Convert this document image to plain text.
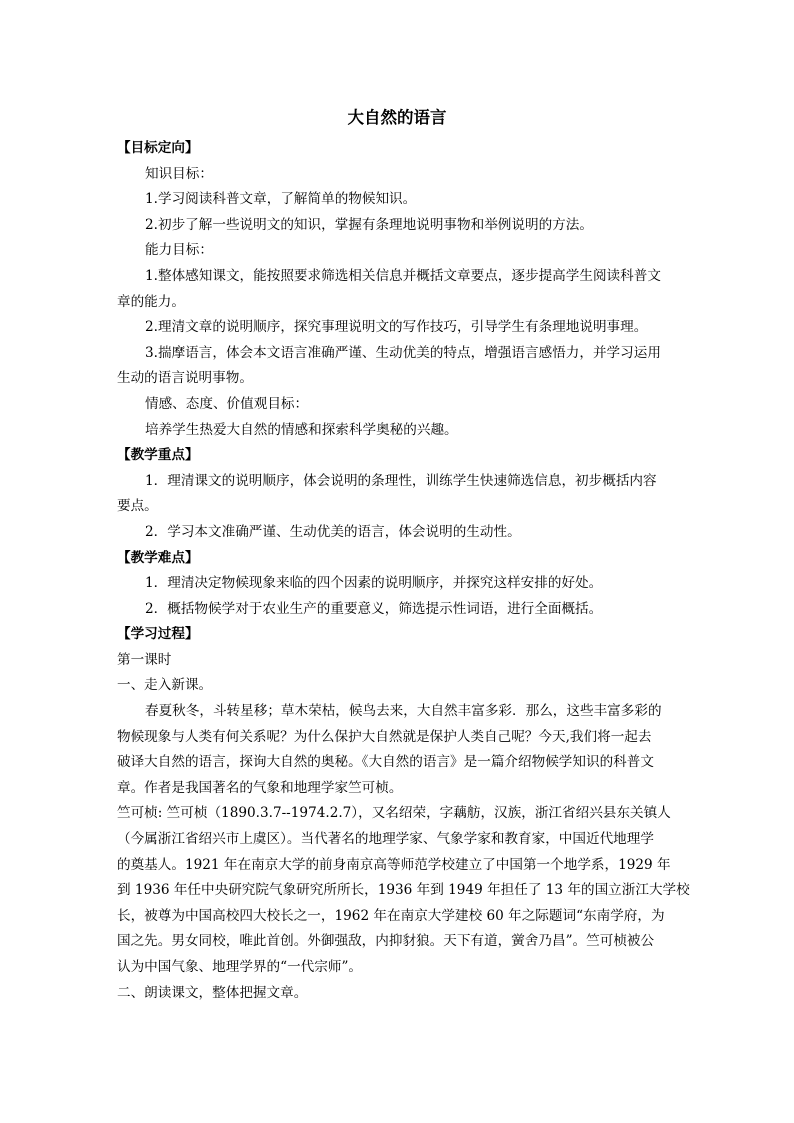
大自然的语言
【目标定向】
知识目标：
1.学习阅读科普文章，了解简单的物候知识。
2.初步了解一些说明文的知识，掌握有条理地说明事物和举例说明的方法。
能力目标：
1.整体感知课文，能按照要求筛选相关信息并概括文章要点，逐步提高学生阅读科普文
章的能力。
2.理清文章的说明顺序，探究事理说明文的写作技巧，引导学生有条理地说明事理。
3.揣摩语言，体会本文语言准确严谨、生动优美的特点，增强语言感悟力，并学习运用
生动的语言说明事物。
情感、态度、价值观目标：
培养学生热爱大自然的情感和探索科学奥秘的兴趣。
【教学重点】
1．理清课文的说明顺序，体会说明的条理性，训练学生快速筛选信息，初步概括内容
要点。
2．学习本文准确严谨、生动优美的语言，体会说明的生动性。
【教学难点】
1．理清决定物候现象来临的四个因素的说明顺序，并探究这样安排的好处。
2．概括物候学对于农业生产的重要意义，筛选提示性词语，进行全面概括。
【学习过程】
第一课时
一、走入新课。
春夏秋冬，斗转星移；草木荣枯，候鸟去来，大自然丰富多彩．那么，这些丰富多彩的
物候现象与人类有何关系呢？为什么保护大自然就是保护人类自己呢？今天,我们将一起去
破译大自然的语言，探询大自然的奥秘。《大自然的语言》是一篇介绍物候学知识的科普文
章。作者是我国著名的气象和地理学家竺可桢。
竺可桢: 竺可桢（1890.3.7--1974.2.7），又名绍荣，字藕舫，汉族，浙江省绍兴县东关镇人
（今属浙江省绍兴市上虞区）。当代著名的地理学家、气象学家和教育家，中国近代地理学
的奠基人。1921 年在南京大学的前身南京高等师范学校建立了中国第一个地学系，1929 年
到 1936 年任中央研究院气象研究所所长，1936 年到 1949 年担任了 13 年的国立浙江大学校
长，被尊为中国高校四大校长之一，1962 年在南京大学建校 60 年之际题词“东南学府，为
国之先。男女同校，唯此首创。外御强敌，内抑豺狼。天下有道，黉舍乃昌”。竺可桢被公
认为中国气象、地理学界的“一代宗师”。
二、朗读课文，整体把握文章。
